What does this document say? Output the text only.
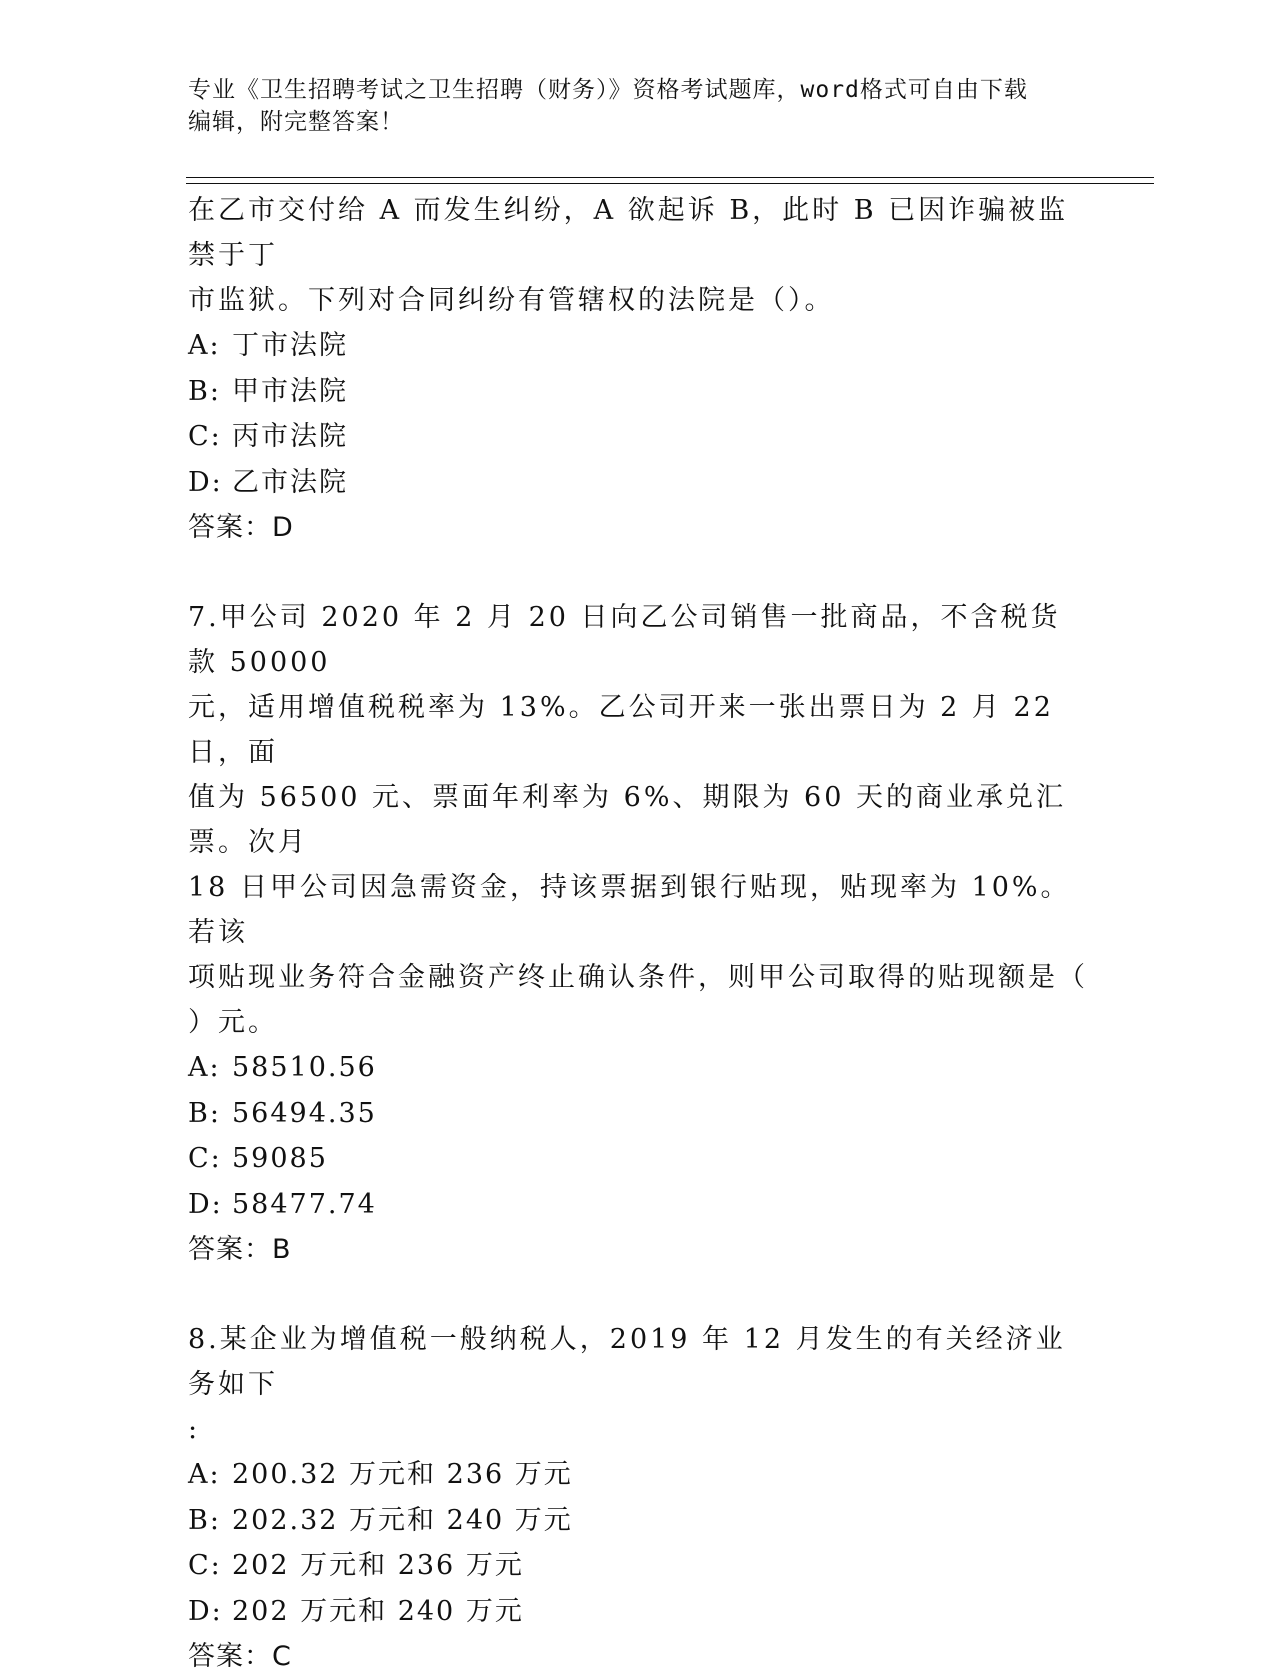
专业《卫生招聘考试之卫生招聘（财务）》资格考试题库，word格式可自由下载
编辑，附完整答案！

在乙市交付给 A 而发生纠纷，A 欲起诉 B，此时 B 已因诈骗被监禁于丁
市监狱。下列对合同纠纷有管辖权的法院是（）。

A: 丁市法院

B: 甲市法院

C: 丙市法院

D: 乙市法院

答案：D

7.甲公司 2020 年 2 月 20 日向乙公司销售一批商品，不含税货款 50000
元，适用增值税税率为 13%。乙公司开来一张出票日为 2 月 22 日，面
值为 56500 元、票面年利率为 6%、期限为 60 天的商业承兑汇票。次月
18 日甲公司因急需资金，持该票据到银行贴现，贴现率为 10%。若该
项贴现业务符合金融资产终止确认条件，则甲公司取得的贴现额是（
）元。

A: 58510.56

B: 56494.35

C: 59085

D: 58477.74

答案：B

8.某企业为增值税一般纳税人，2019 年 12 月发生的有关经济业务如下
:

A: 200.32 万元和 236 万元

B: 202.32 万元和 240 万元

C: 202 万元和 236 万元

D: 202 万元和 240 万元

答案：C
